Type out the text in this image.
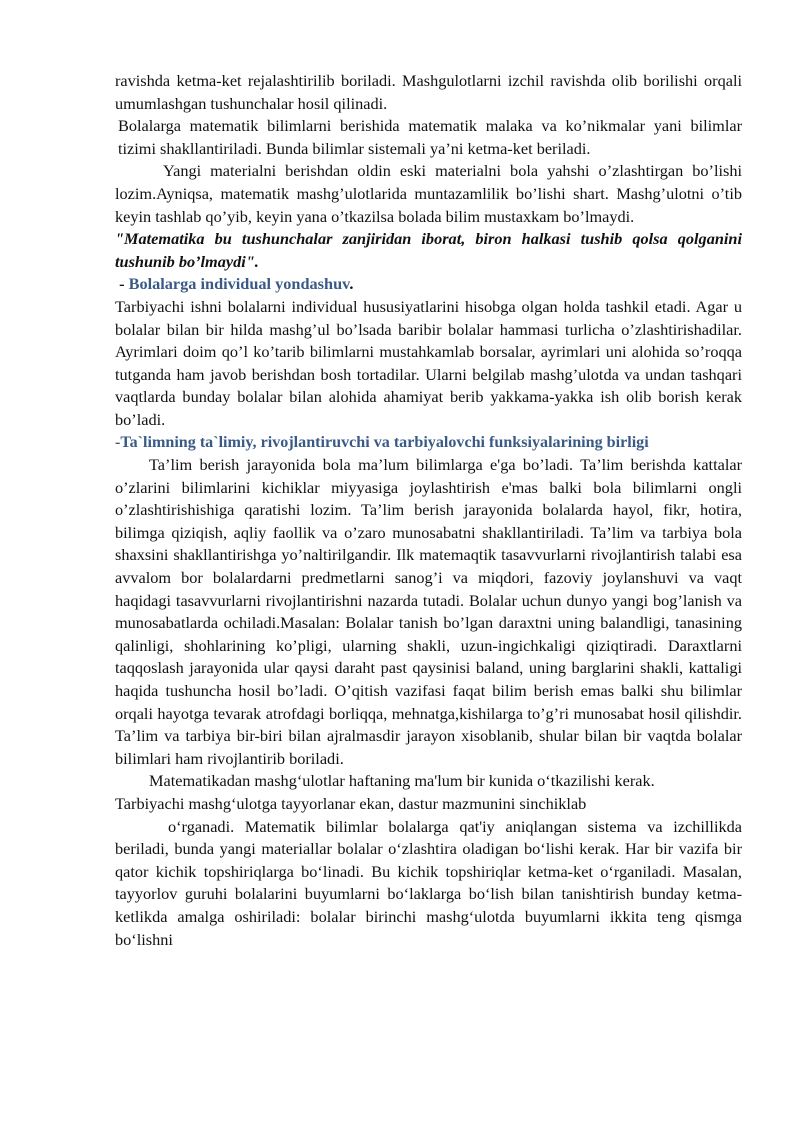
ravishda ketma-ket rejalashtirilib boriladi. Mashgulotlarni izchil ravishda olib borilishi orqali umumlashgan tushunchalar hosil qilinadi.

Bolalarga matematik bilimlarni berishida matematik malaka va ko’nikmalar yani bilimlar tizimi shakllantiriladi. Bunda bilimlar sistemali ya’ni ketma-ket beriladi.

Yangi materialni berishdan oldin eski materialni bola yahshi o’zlashtirgan bo’lishi lozim.Ayniqsa, matematik mashg’ulotlarida muntazamlilik bo’lishi shart. Mashg’ulotni o’tib keyin tashlab qo’yib, keyin yana o’tkazilsa bolada bilim mustaxkam bo’lmaydi.

"Matematika bu tushunchalar zanjiridan iborat, biron halkasi tushib qolsa qolganini tushunib bo’lmaydi".

- Bolalarga individual yondashuv.

Tarbiyachi ishni bolalarni individual hususiyatlarini hisobga olgan holda tashkil etadi. Agar u bolalar bilan bir hilda mashg’ul bo’lsada baribir bolalar hammasi turlicha o’zlashtirishadilar. Ayrimlari doim qo’l ko’tarib bilimlarni mustahkamlab borsalar, ayrimlari uni alohida so’roqqa tutganda ham javob berishdan bosh tortadilar. Ularni belgilab mashg’ulotda va undan tashqari vaqtlarda bunday bolalar bilan alohida ahamiyat berib yakkama-yakka ish olib borish kerak bo’ladi.

-Ta`limning ta`limiy, rivojlantiruvchi va tarbiyalovchi funksiyalarining birligi

Ta’lim berish jarayonida bola ma’lum bilimlarga e'ga bo’ladi. Ta’lim berishda kattalar o’zlarini bilimlarini kichiklar miyyasiga joylashtirish e'mas balki bola bilimlarni ongli o’zlashtirishishiga qaratishi lozim. Ta’lim berish jarayonida bolalarda hayol, fikr, hotira, bilimga qiziqish, aqliy faollik va o’zaro munosabatni shakllantiriladi. Ta’lim va tarbiya bola shaxsini shakllantirishga yo’naltirilgandir. Ilk matemaqtik tasavvurlarni rivojlantirish talabi esa avvalom bor bolalardarni predmetlarni sanog’i va miqdori, fazoviy joylanshuvi va vaqt haqidagi tasavvurlarni rivojlantirishni nazarda tutadi. Bolalar uchun dunyo yangi bog’lanish va munosabatlarda ochiladi.Masalan: Bolalar tanish bo’lgan daraxtni uning balandligi, tanasining qalinligi, shohlarining ko’pligi, ularning shakli, uzun-ingichkaligi qiziqtiradi. Daraxtlarni taqqoslash jarayonida ular qaysi daraht past qaysinisi baland, uning barglarini shakli, kattaligi haqida tushuncha hosil bo’ladi. O’qitish vazifasi faqat bilim berish emas balki shu bilimlar orqali hayotga tevarak atrofdagi borliqqa, mehnatga,kishilarga to’g’ri munosabat hosil qilishdir. Ta’lim va tarbiya bir-biri bilan ajralmasdir jarayon xisoblanib, shular bilan bir vaqtda bolalar bilimlari ham rivojlantirib boriladi.

Matematikadan mashg‘ulotlar haftaning ma'lum bir kunida o‘tkazilishi kerak.

Tarbiyachi mashg‘ulotga tayyorlanar ekan, dastur mazmunini sinchiklab

o‘rganadi. Matematik bilimlar bolalarga qat'iy aniqlangan sistema va izchillikda beriladi, bunda yangi materiallar bolalar o‘zlashtira oladigan bo‘lishi kerak. Har bir vazifa bir qator kichik topshiriqlarga bo‘linadi. Bu kichik topshiriqlar ketma-ket o‘rganiladi. Masalan, tayyorlov guruhi bolalarini buyumlarni bo‘laklarga bo‘lish bilan tanishtirish bunday ketma-ketlikda amalga oshiriladi: bolalar birinchi mashg‘ulotda buyumlarni ikkita teng qismga bo‘lishni
